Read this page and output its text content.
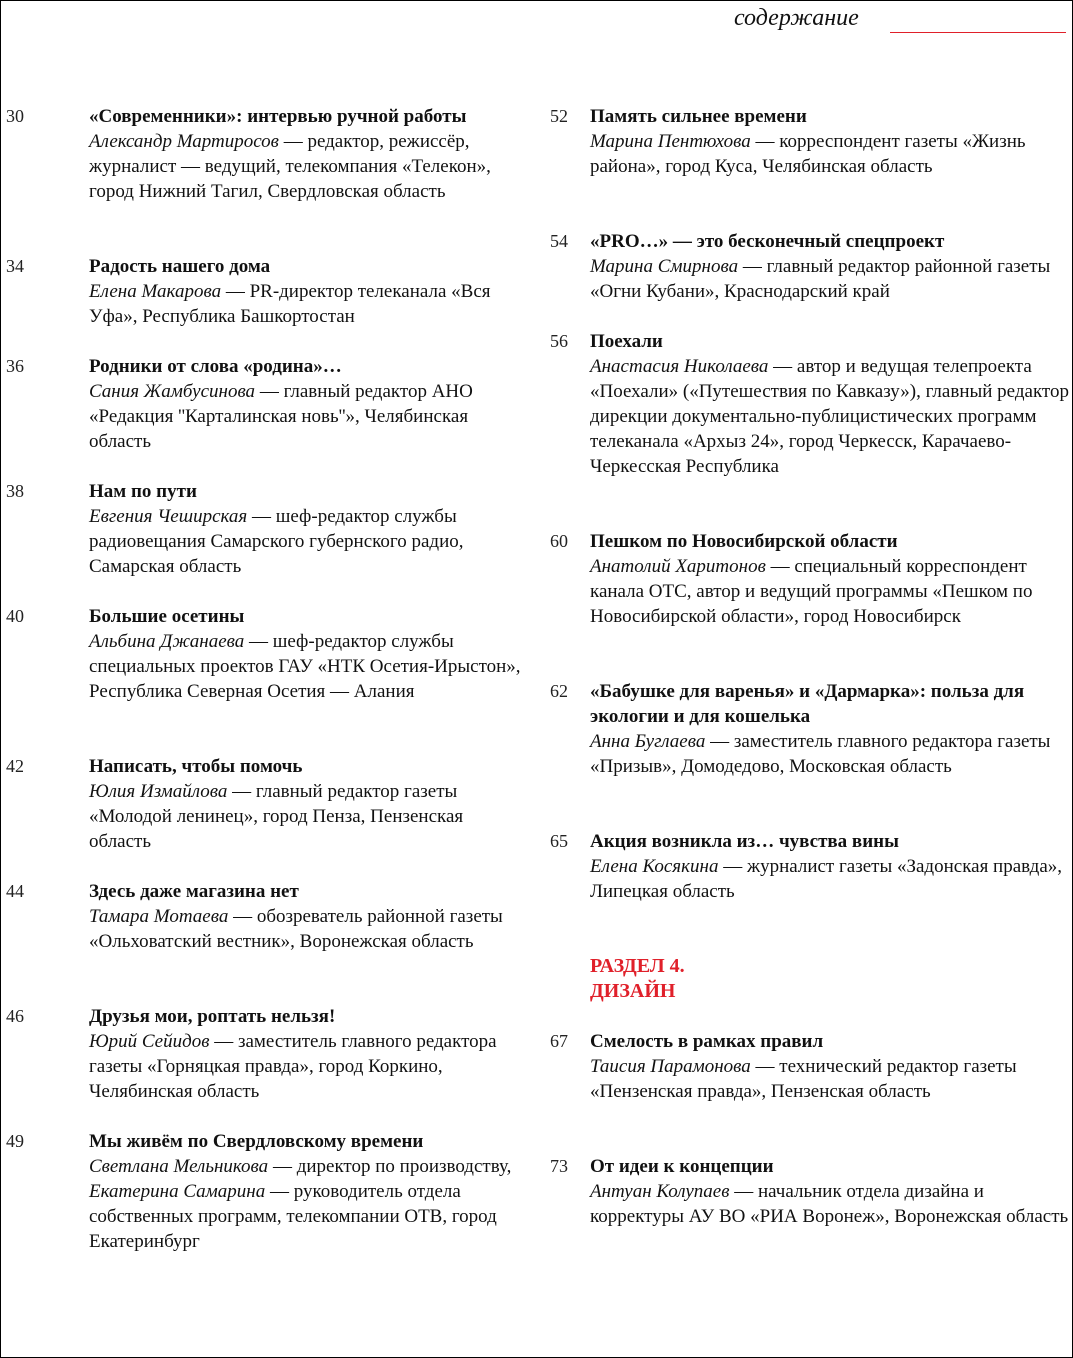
содержание
30	«Современники»: интервью ручной работы
Александр Мартиросов — редактор, режиссёр, журналист — ведущий, телекомпания «Телекон», город Нижний Тагил, Свердловская область
34	Радость нашего дома
Елена Макарова — PR-директор телеканала «Вся Уфа», Республика Башкортостан
36	Родники от слова «родина»…
Сания Жамбусинова — главный редактор АНО «Редакция ''Карталинская новь''», Челябинская область
38	Нам по пути
Евгения Чеширская — шеф-редактор службы радиовещания Самарского губернского радио, Самарская область
40	Большие осетины
Альбина Джанаева — шеф-редактор службы специальных проектов ГАУ «НТК Осетия-Ирыстон», Республика Северная Осетия — Алания
42	Написать, чтобы помочь
Юлия Измайлова — главный редактор газеты «Молодой ленинец», город Пенза, Пензенская область
44	Здесь даже магазина нет
Тамара Мотаева — обозреватель районной газеты «Ольховатский вестник», Воронежская область
46	Друзья мои, роптать нельзя!
Юрий Сейидов — заместитель главного редактора газеты «Горняцкая правда», город Коркино, Челябинская область
49	Мы живём по Свердловскому времени
Светлана Мельникова — директор по производству, Екатерина Самарина — руководитель отдела собственных программ, телекомпании ОТВ, город Екатеринбург
52 Память сильнее времени
Марина Пентюхова — корреспондент газеты «Жизнь района», город Куса, Челябинская область
54 «PRO…» — это бесконечный спецпроект
Марина Смирнова — главный редактор районной газеты «Огни Кубани», Краснодарский край
56 Поехали
Анастасия Николаева — автор и ведущая телепроекта «Поехали» («Путешествия по Кавказу»), главный редактор дирекции документально-публицистических программ телеканала «Архыз 24», город Черкесск, Карачаево-Черкесская Республика
60 Пешком по Новосибирской области
Анатолий Харитонов — специальный корреспондент канала ОТС, автор и ведущий программы «Пешком по Новосибирской области», город Новосибирск
62 «Бабушке для варенья» и «Дармарка»: польза для экологии и для кошелька
Анна Буглаева — заместитель главного редактора газеты «Призыв», Домодедово, Московская область
65 Акция возникла из… чувства вины
Елена Косякина — журналист газеты «Задонская правда», Липецкая область
РАЗДЕЛ 4.
ДИЗАЙН
67 Смелость в рамках правил
Таисия Парамонова — технический редактор газеты «Пензенская правда», Пензенская область
73 От идеи к концепции
Антуан Колупаев — начальник отдела дизайна и корректуры АУ ВО «РИА Воронеж», Воронежская область
